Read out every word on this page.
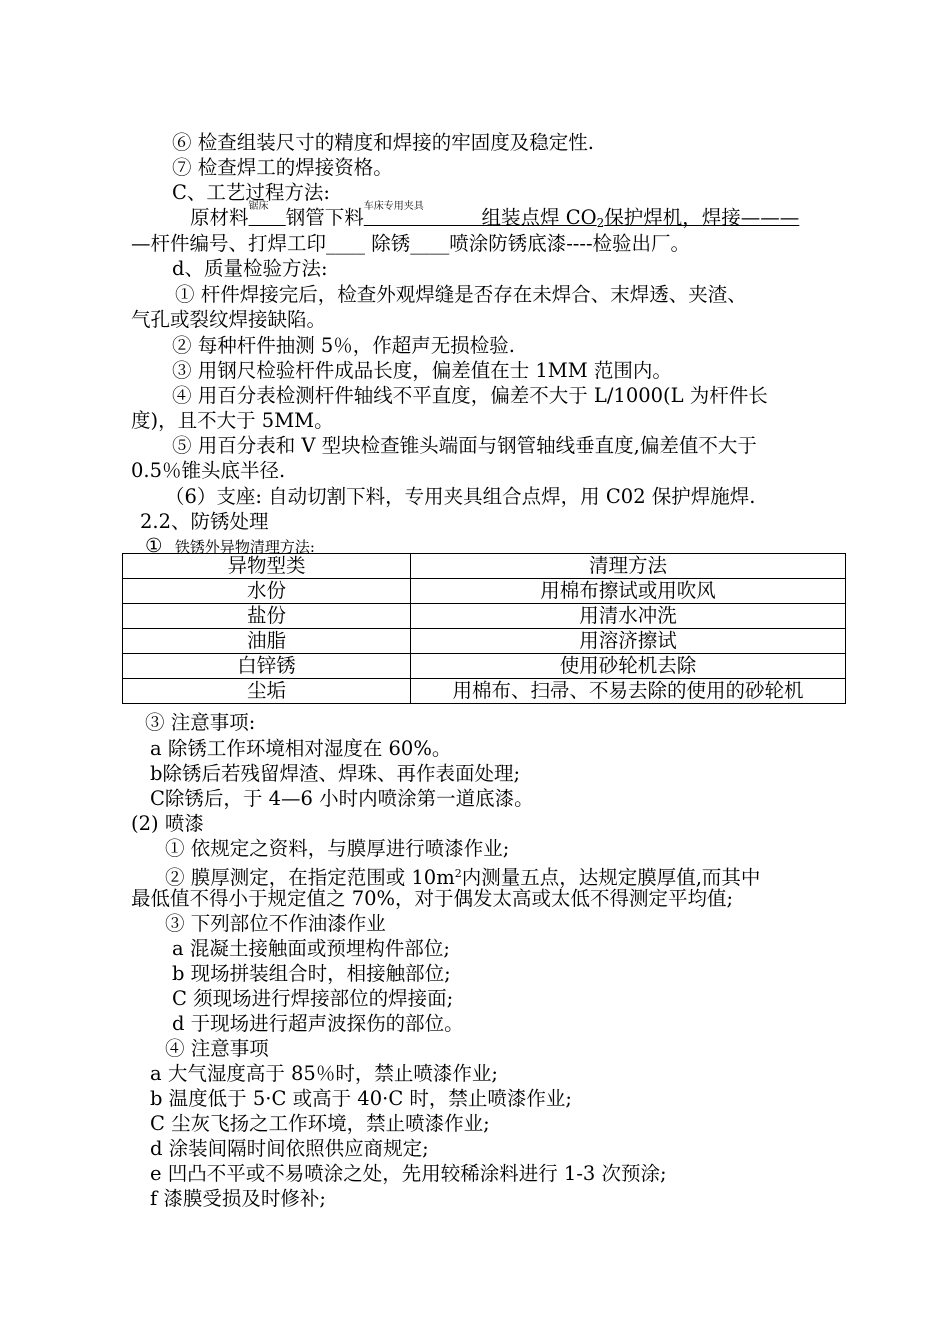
⑥ 检查组装尺寸的精度和焊接的牢固度及稳定性.
⑦ 检查焊工的焊接资格。
C、工艺过程方法:
原材料 锯床 钢管下料 车床专用夹具	组装点焊 $CO_2$保护焊机，焊接———
—杆件编号、打焊工印____ 除锈____喷涂防锈底漆----检验出厂。
d、质量检验方法:
① 杆件焊接完后，检查外观焊缝是否存在未焊合、末焊透、夹渣、
气孔或裂纹焊接缺陷。
② 每种杆件抽测 5％，作超声无损检验.
③ 用钢尺检验杆件成品长度，偏差值在士 1MM 范围内。
④ 用百分表检测杆件轴线不平直度，偏差不大于 L/1000(L 为杆件长
度)，且不大于 5MM。
⑤ 用百分表和 V 型块检查锥头端面与钢管轴线垂直度,偏差值不大于
0.5％锥头底半径.
（6）支座: 自动切割下料，专用夹具组合点焊，用 C02 保护焊施焊.
2.2、防锈处理
① 铁锈外异物清理方法:
异物型类	清理方法
水份	用棉布擦试或用吹风
盐份	用清水冲洗
油脂	用溶济擦试
白锌锈	使用砂轮机去除
尘垢	用棉布、扫帚、不易去除的使用的砂轮机
③ 注意事项:
a 除锈工作环境相对湿度在 60%。
b除锈后若残留焊渣、焊珠、再作表面处理;
C除锈后，于 4—6 小时内喷涂第一道底漆。
(2) 喷漆
① 依规定之资料，与膜厚进行喷漆作业;
② 膜厚测定，在指定范围或 $10m^2$内测量五点，达规定膜厚值,而其中
最低值不得小于规定值之 70%，对于偶发太高或太低不得测定平均值;
③ 下列部位不作油漆作业
a 混凝土接触面或预埋构件部位;
b 现场拼装组合时，相接触部位;
C 须现场进行焊接部位的焊接面;
d 于现场进行超声波探伤的部位。
④ 注意事项
a 大气湿度高于 85％时，禁止喷漆作业;
b 温度低于 5·C 或高于 40·C 时，禁止喷漆作业;
C 尘灰飞扬之工作环境，禁止喷漆作业;
d 涂装间隔时间依照供应商规定;
e 凹凸不平或不易喷涂之处，先用较稀涂料进行 1-3 次预涂;
f 漆膜受损及时修补;
